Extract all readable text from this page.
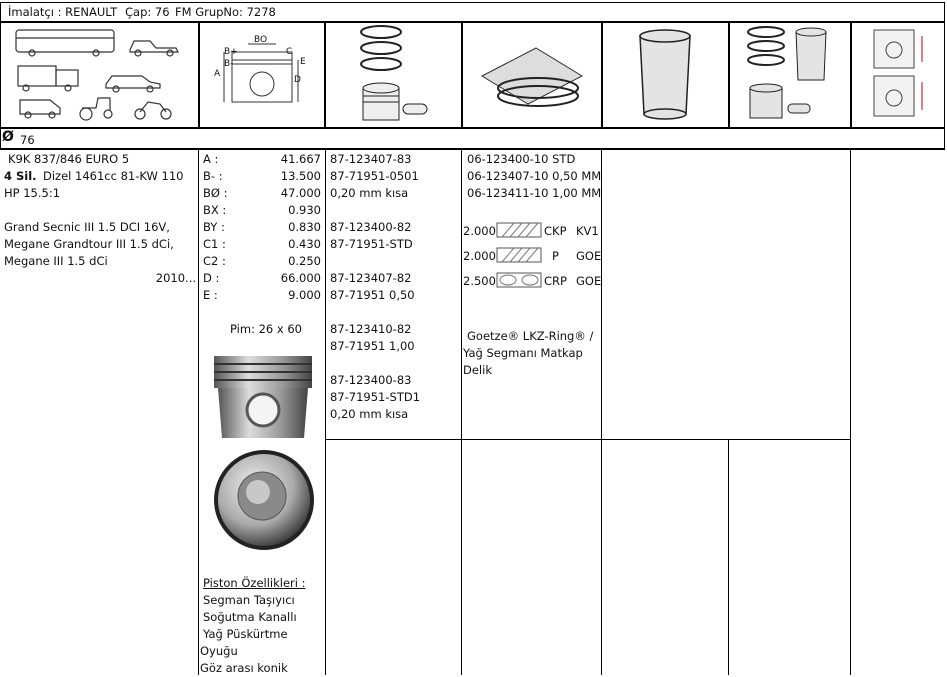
İmalatçı : RENAULT Çap: 76 FM GrupNo: 7278
BO
B+
B-
C
E
A
D
Ø 76
K9K 837/846 EURO 5
4 Sil. Dizel 1461cc 81-KW 110
HP 15.5:1
Grand Secnic III 1.5 DCI 16V,
Megane Grandtour III 1.5 dCi,
Megane III 1.5 dCi
2010...
A :	41.667
B- :	13.500
BØ :	47.000
BX :	0.930
BY :	0.830
C1 :	0.430
C2 :	0.250
D :	66.000
E :	9.000
Pim: 26 x 60
Piston Özellikleri :
Segman Taşıyıcı
Soğutma Kanallı
Yağ Püskürtme
Oyuğu
Göz arası konik
87-123407-83
87-71951-0501
0,20 mm kısa
87-123400-82
87-71951-STD
87-123407-82
87-71951 0,50
87-123410-82
87-71951 1,00
87-123400-83
87-71951-STD1
0,20 mm kısa
06-123400-10 STD
06-123407-10 0,50 MM
06-123411-10 1,00 MM
2.000	CKP KV1
2.000	P GOE
2.500	CRP GOE
Goetze® LKZ-Ring® /
Yağ Segmanı Matkap
Delik
